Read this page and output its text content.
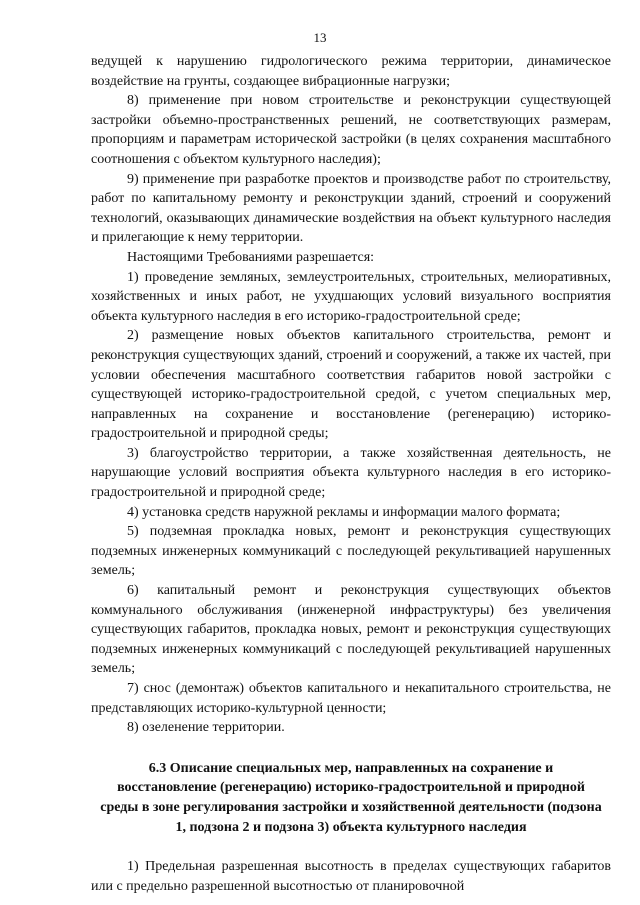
13

ведущей к нарушению гидрологического режима территории, динамическое воздействие на грунты, создающее вибрационные нагрузки;

8) применение при новом строительстве и реконструкции существующей застройки объемно-пространственных решений, не соответствующих размерам, пропорциям и параметрам исторической застройки (в целях сохранения масштабного соотношения с объектом культурного наследия);

9) применение при разработке проектов и производстве работ по строительству, работ по капитальному ремонту и реконструкции зданий, строений и сооружений технологий, оказывающих динамические воздействия на объект культурного наследия и прилегающие к нему территории.

Настоящими Требованиями разрешается:

1) проведение земляных, землеустроительных, строительных, мелиоративных, хозяйственных и иных работ, не ухудшающих условий визуального восприятия объекта культурного наследия в его историко-градостроительной среде;

2) размещение новых объектов капитального строительства, ремонт и реконструкция существующих зданий, строений и сооружений, а также их частей, при условии обеспечения масштабного соответствия габаритов новой застройки с существующей историко-градостроительной средой, с учетом специальных мер, направленных на сохранение и восстановление (регенерацию) историко-градостроительной и природной среды;

3) благоустройство территории, а также хозяйственная деятельность, не нарушающие условий восприятия объекта культурного наследия в его историко-градостроительной и природной среде;

4) установка средств наружной рекламы и информации малого формата;

5) подземная прокладка новых, ремонт и реконструкция существующих подземных инженерных коммуникаций с последующей рекультивацией нарушенных земель;

6) капитальный ремонт и реконструкция существующих объектов коммунального обслуживания (инженерной инфраструктуры) без увеличения существующих габаритов, прокладка новых, ремонт и реконструкция существующих подземных инженерных коммуникаций с последующей рекультивацией нарушенных земель;

7) снос (демонтаж) объектов капитального и некапитального строительства, не представляющих историко-культурной ценности;

8) озеленение территории.

6.3 Описание специальных мер, направленных на сохранение и восстановление (регенерацию) историко-градостроительной и природной среды в зоне регулирования застройки и хозяйственной деятельности (подзона 1, подзона 2 и подзона 3) объекта культурного наследия

1) Предельная разрешенная высотность в пределах существующих габаритов или с предельно разрешенной высотностью от планировочной
